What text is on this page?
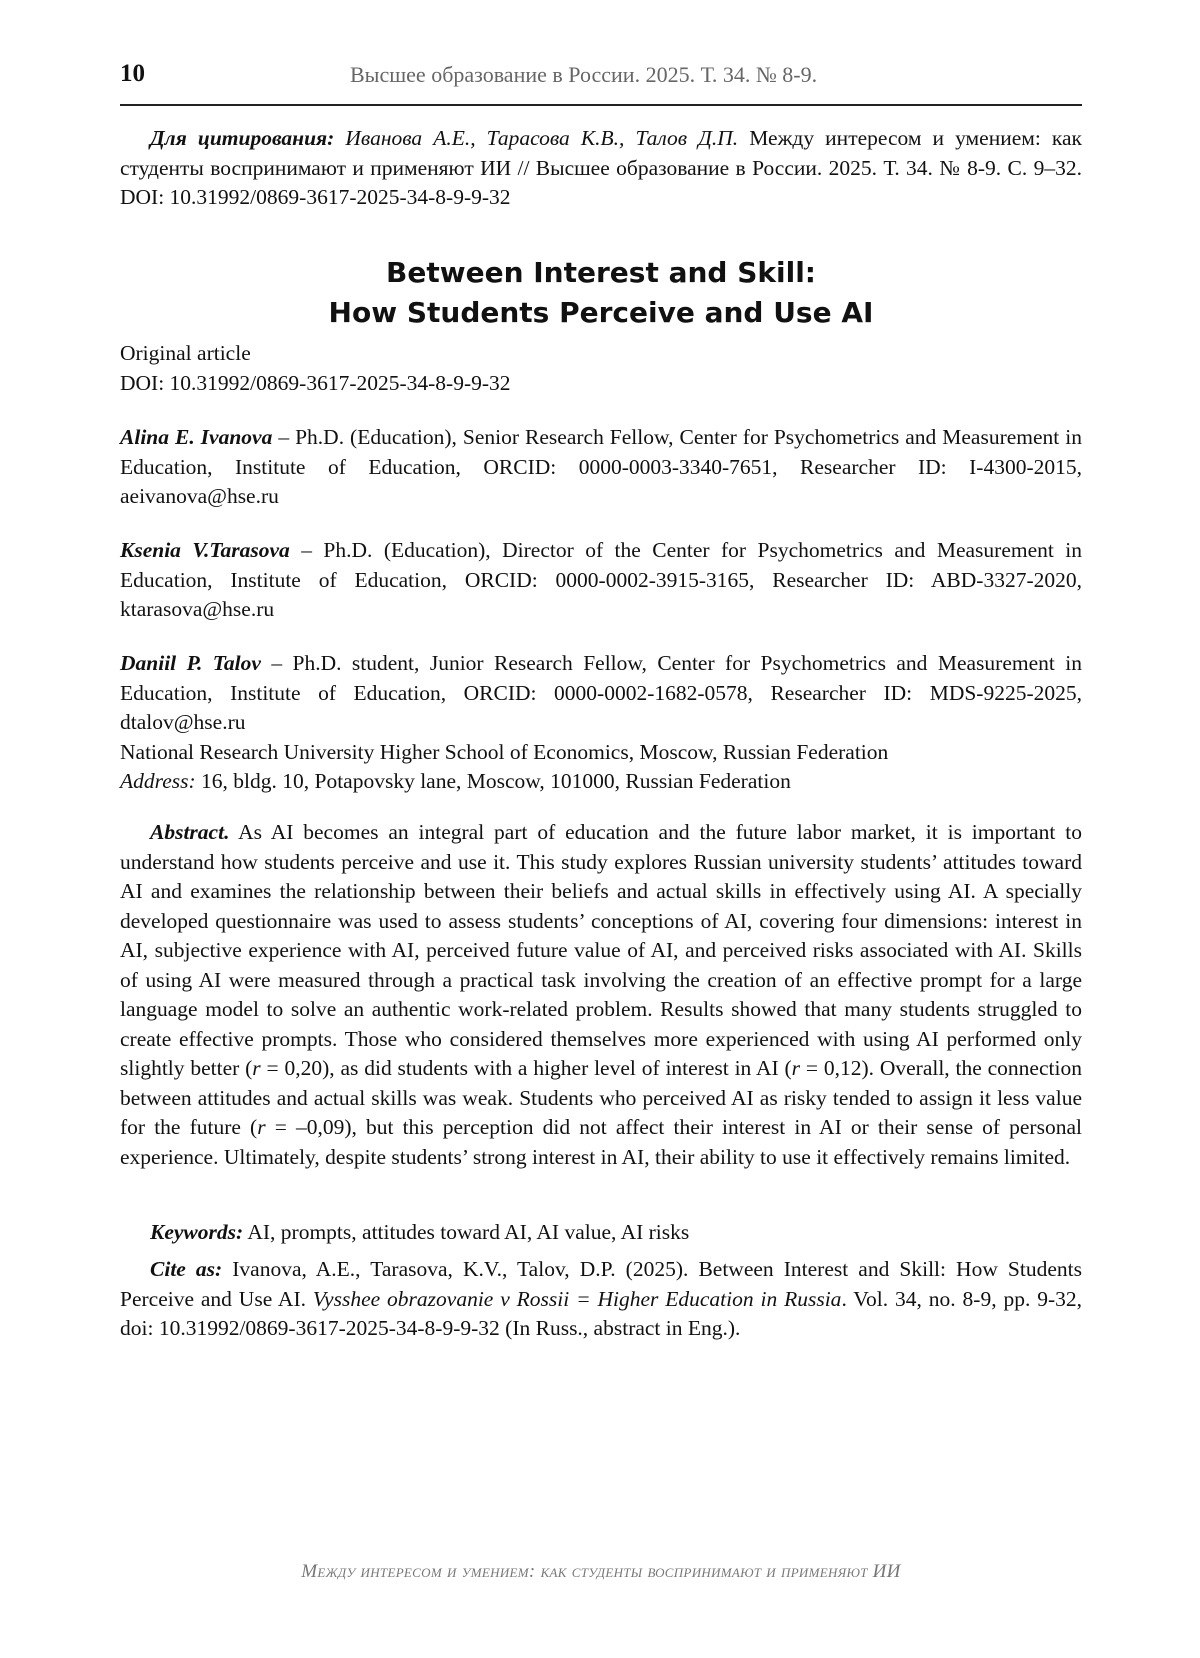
10	Высшее образование в России. 2025. Т. 34. № 8-9.
Для цитирования: Иванова А.Е., Тарасова К.В., Талов Д.П. Между интересом и умением: как студенты воспринимают и применяют ИИ // Высшее образование в России. 2025. Т. 34. № 8-9. С. 9–32. DOI: 10.31992/0869-3617-2025-34-8-9-9-32
Between Interest and Skill:
How Students Perceive and Use AI
Original article
DOI: 10.31992/0869-3617-2025-34-8-9-9-32
Alina E. Ivanova – Ph.D. (Education), Senior Research Fellow, Center for Psychometrics and Measurement in Education, Institute of Education, ORCID: 0000-0003-3340-7651, Researcher ID: I-4300-2015, aeivanova@hse.ru
Ksenia V.Tarasova – Ph.D. (Education), Director of the Center for Psychometrics and Measurement in Education, Institute of Education, ORCID: 0000-0002-3915-3165, Researcher ID: ABD-3327-2020, ktarasova@hse.ru
Daniil P. Talov – Ph.D. student, Junior Research Fellow, Center for Psychometrics and Measurement in Education, Institute of Education, ORCID: 0000-0002-1682-0578, Researcher ID: MDS-9225-2025, dtalov@hse.ru
National Research University Higher School of Economics, Moscow, Russian Federation
Address: 16, bldg. 10, Potapovsky lane, Moscow, 101000, Russian Federation
Abstract. As AI becomes an integral part of education and the future labor market, it is important to understand how students perceive and use it. This study explores Russian university students’ attitudes toward AI and examines the relationship between their beliefs and actual skills in effectively using AI. A specially developed questionnaire was used to assess students’ conceptions of AI, covering four dimensions: interest in AI, subjective experience with AI, perceived future value of AI, and perceived risks associated with AI. Skills of using AI were measured through a practical task involving the creation of an effective prompt for a large language model to solve an authentic work-related problem. Results showed that many students struggled to create effective prompts. Those who considered themselves more experienced with using AI performed only slightly better (r = 0,20), as did students with a higher level of interest in AI (r = 0,12). Overall, the connection between attitudes and actual skills was weak. Students who perceived AI as risky tended to assign it less value for the future (r = –0,09), but this perception did not affect their interest in AI or their sense of personal experience. Ultimately, despite students’ strong interest in AI, their ability to use it effectively remains limited.
Keywords: AI, prompts, attitudes toward AI, AI value, AI risks
Cite as: Ivanova, A.E., Tarasova, K.V., Talov, D.P. (2025). Between Interest and Skill: How Students Perceive and Use AI. Vysshee obrazovanie v Rossii = Higher Education in Russia. Vol. 34, no. 8-9, pp. 9-32, doi: 10.31992/0869-3617-2025-34-8-9-9-32 (In Russ., abstract in Eng.).
Между интересом и умением: как студенты воспринимают и применяют ИИ
